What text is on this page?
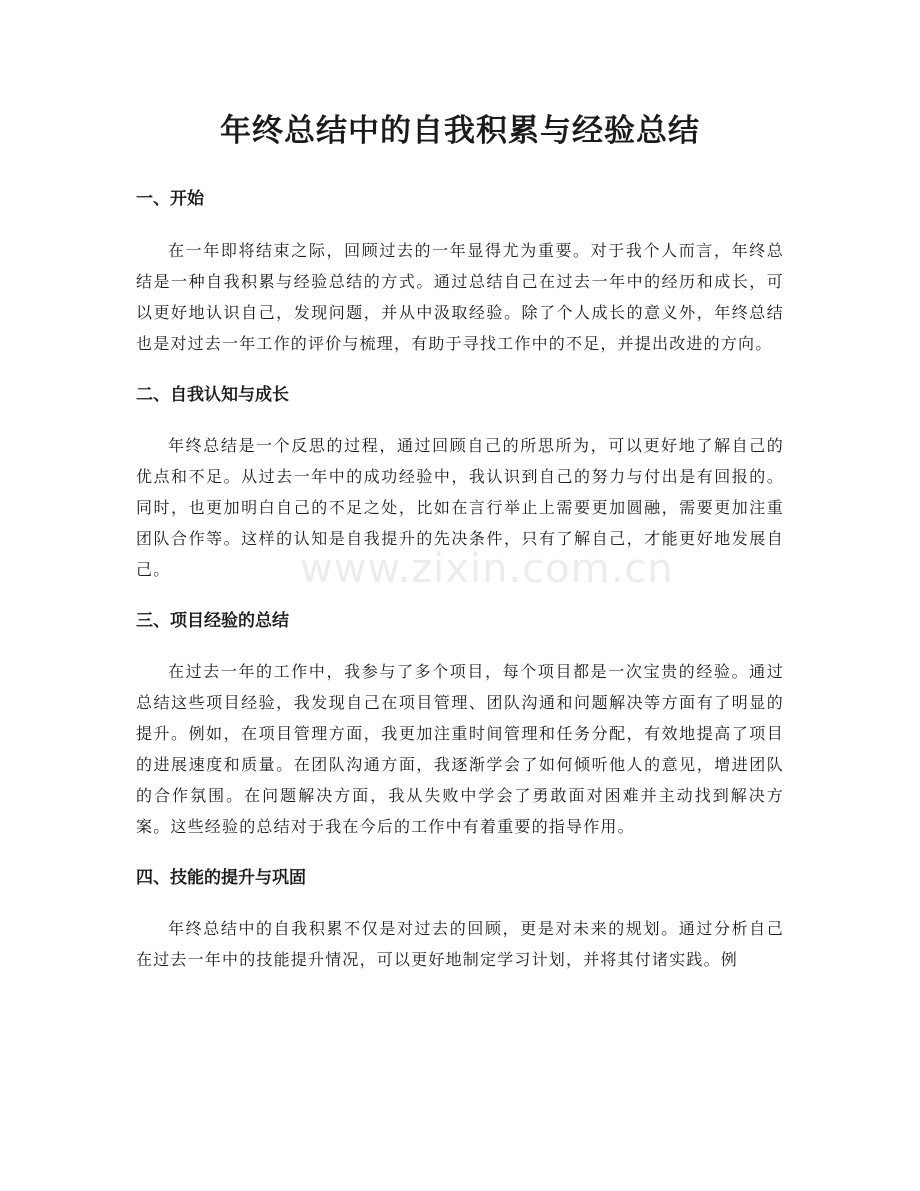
年终总结中的自我积累与经验总结
一、开始

在一年即将结束之际，回顾过去的一年显得尤为重要。对于我个人而言，年终总结是一种自我积累与经验总结的方式。通过总结自己在过去一年中的经历和成长，可以更好地认识自己，发现问题，并从中汲取经验。除了个人成长的意义外，年终总结也是对过去一年工作的评价与梳理，有助于寻找工作中的不足，并提出改进的方向。

二、自我认知与成长

年终总结是一个反思的过程，通过回顾自己的所思所为，可以更好地了解自己的优点和不足。从过去一年中的成功经验中，我认识到自己的努力与付出是有回报的。同时，也更加明白自己的不足之处，比如在言行举止上需要更加圆融，需要更加注重团队合作等。这样的认知是自我提升的先决条件，只有了解自己，才能更好地发展自己。

三、项目经验的总结

在过去一年的工作中，我参与了多个项目，每个项目都是一次宝贵的经验。通过总结这些项目经验，我发现自己在项目管理、团队沟通和问题解决等方面有了明显的提升。例如，在项目管理方面，我更加注重时间管理和任务分配，有效地提高了项目的进展速度和质量。在团队沟通方面，我逐渐学会了如何倾听他人的意见，增进团队的合作氛围。在问题解决方面，我从失败中学会了勇敢面对困难并主动找到解决方案。这些经验的总结对于我在今后的工作中有着重要的指导作用。

四、技能的提升与巩固

年终总结中的自我积累不仅是对过去的回顾，更是对未来的规划。通过分析自己在过去一年中的技能提升情况，可以更好地制定学习计划，并将其付诸实践。例

www.zixin.com.cn
